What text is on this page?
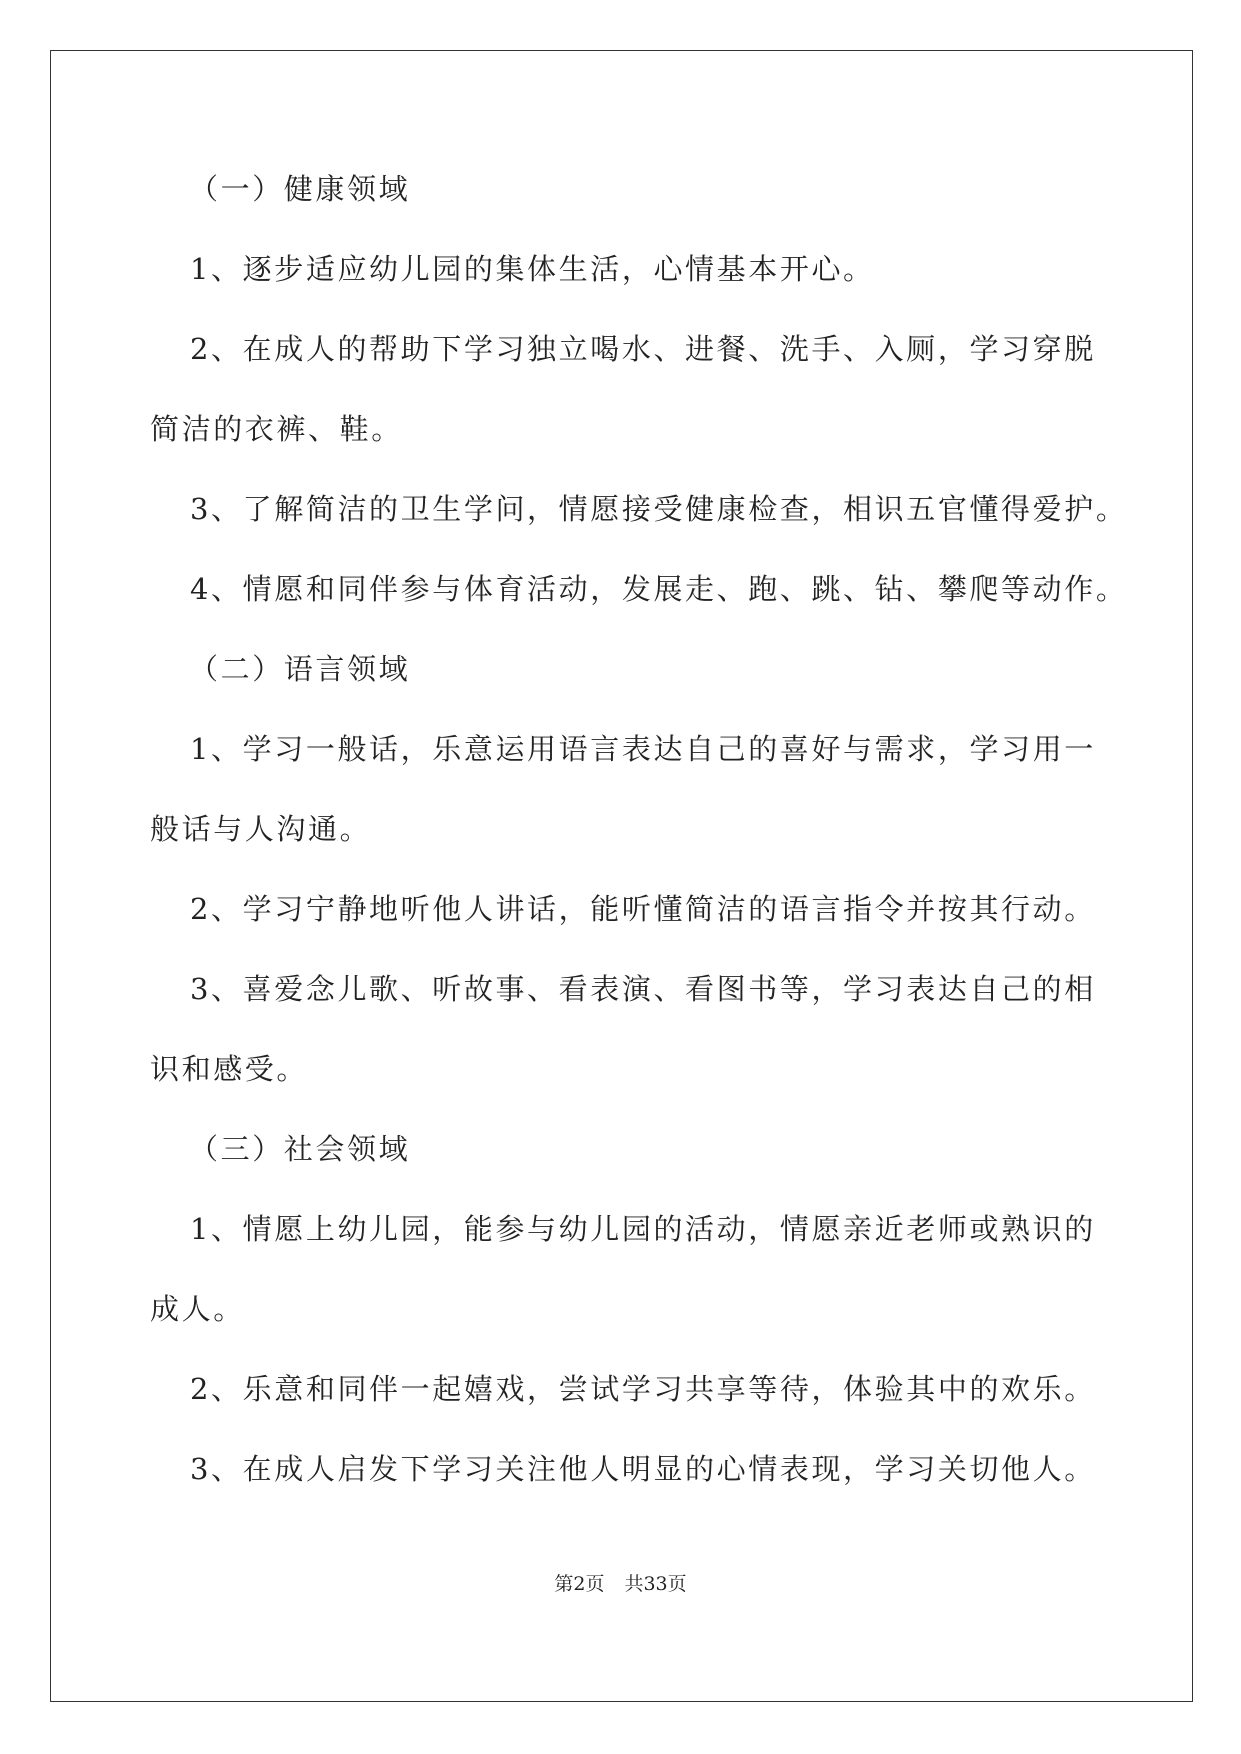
（一）健康领域
1、逐步适应幼儿园的集体生活，心情基本开心。
2、在成人的帮助下学习独立喝水、进餐、洗手、入厕，学习穿脱
简洁的衣裤、鞋。
3、了解简洁的卫生学问，情愿接受健康检查，相识五官懂得爱护。
4、情愿和同伴参与体育活动，发展走、跑、跳、钻、攀爬等动作。
（二）语言领域
1、学习一般话，乐意运用语言表达自己的喜好与需求，学习用一
般话与人沟通。
2、学习宁静地听他人讲话，能听懂简洁的语言指令并按其行动。
3、喜爱念儿歌、听故事、看表演、看图书等，学习表达自己的相
识和感受。
（三）社会领域
1、情愿上幼儿园，能参与幼儿园的活动，情愿亲近老师或熟识的
成人。
2、乐意和同伴一起嬉戏，尝试学习共享等待，体验其中的欢乐。
3、在成人启发下学习关注他人明显的心情表现，学习关切他人。
第2页 共33页
